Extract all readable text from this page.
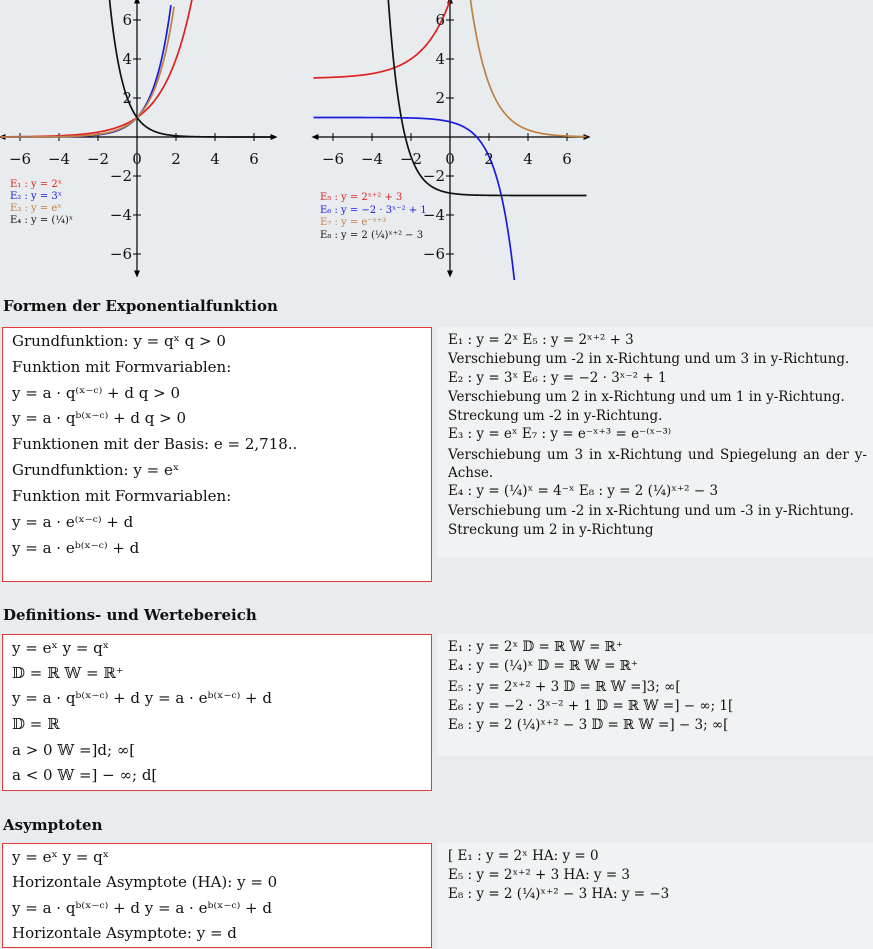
−6 −4 −2 0 2 4 6
2
4
6
−2
−4
−6
E₁ : y = 2ˣ
E₂ : y = 3ˣ
E₃ : y = eˣ
E₄ : y = (¼)ˣ
−6 −4 −2 0 2 4 6
2
4
6
−2
−4
−6
E₅ : y = 2ˣ⁺² + 3
E₆ : y = −2 · 3ˣ⁻² + 1
E₇ : y = e⁻ˣ⁺³
E₈ : y = 2 (¼)ˣ⁺² − 3
Formen der Exponentialfunktion
Grundfunktion: y = qˣ q > 0
Funktion mit Formvariablen:
y = a · q⁽ˣ⁻ᶜ⁾ + d q > 0
y = a · qᵇ⁽ˣ⁻ᶜ⁾ + d q > 0
Funktionen mit der Basis: e = 2,718..
Grundfunktion: y = eˣ
Funktion mit Formvariablen:
y = a · e⁽ˣ⁻ᶜ⁾ + d
y = a · eᵇ⁽ˣ⁻ᶜ⁾ + d
E₁ : y = 2ˣ E₅ : y = 2ˣ⁺² + 3
Verschiebung um -2 in x-Richtung und um 3 in y-Richtung.
E₂ : y = 3ˣ E₆ : y = −2 · 3ˣ⁻² + 1
Verschiebung um 2 in x-Richtung und um 1 in y-Richtung.
Streckung um -2 in y-Richtung.
E₃ : y = eˣ E₇ : y = e⁻ˣ⁺³ = e⁻⁽ˣ⁻³⁾
Verschiebung um 3 in x-Richtung und Spiegelung an der y-Achse.
E₄ : y = (¼)ˣ = 4⁻ˣ E₈ : y = 2 (¼)ˣ⁺² − 3
Verschiebung um -2 in x-Richtung und um -3 in y-Richtung.
Streckung um 2 in y-Richtung
Definitions- und Wertebereich
y = eˣ y = qˣ
𝔻 = ℝ 𝕎 = ℝ⁺
y = a · qᵇ⁽ˣ⁻ᶜ⁾ + d y = a · eᵇ⁽ˣ⁻ᶜ⁾ + d
𝔻 = ℝ
a > 0 𝕎 =]d; ∞[
a < 0 𝕎 =] − ∞; d[
E₁ : y = 2ˣ 𝔻 = ℝ 𝕎 = ℝ⁺
E₄ : y = (¼)ˣ 𝔻 = ℝ 𝕎 = ℝ⁺
E₅ : y = 2ˣ⁺² + 3 𝔻 = ℝ 𝕎 =]3; ∞[
E₆ : y = −2 · 3ˣ⁻² + 1 𝔻 = ℝ 𝕎 =] − ∞; 1[
E₈ : y = 2 (¼)ˣ⁺² − 3 𝔻 = ℝ 𝕎 =] − 3; ∞[
Asymptoten
y = eˣ y = qˣ
Horizontale Asymptote (HA): y = 0
y = a · qᵇ⁽ˣ⁻ᶜ⁾ + d y = a · eᵇ⁽ˣ⁻ᶜ⁾ + d
Horizontale Asymptote: y = d
[ E₁ : y = 2ˣ HA: y = 0
E₅ : y = 2ˣ⁺² + 3 HA: y = 3
E₈ : y = 2 (¼)ˣ⁺² − 3 HA: y = −3
